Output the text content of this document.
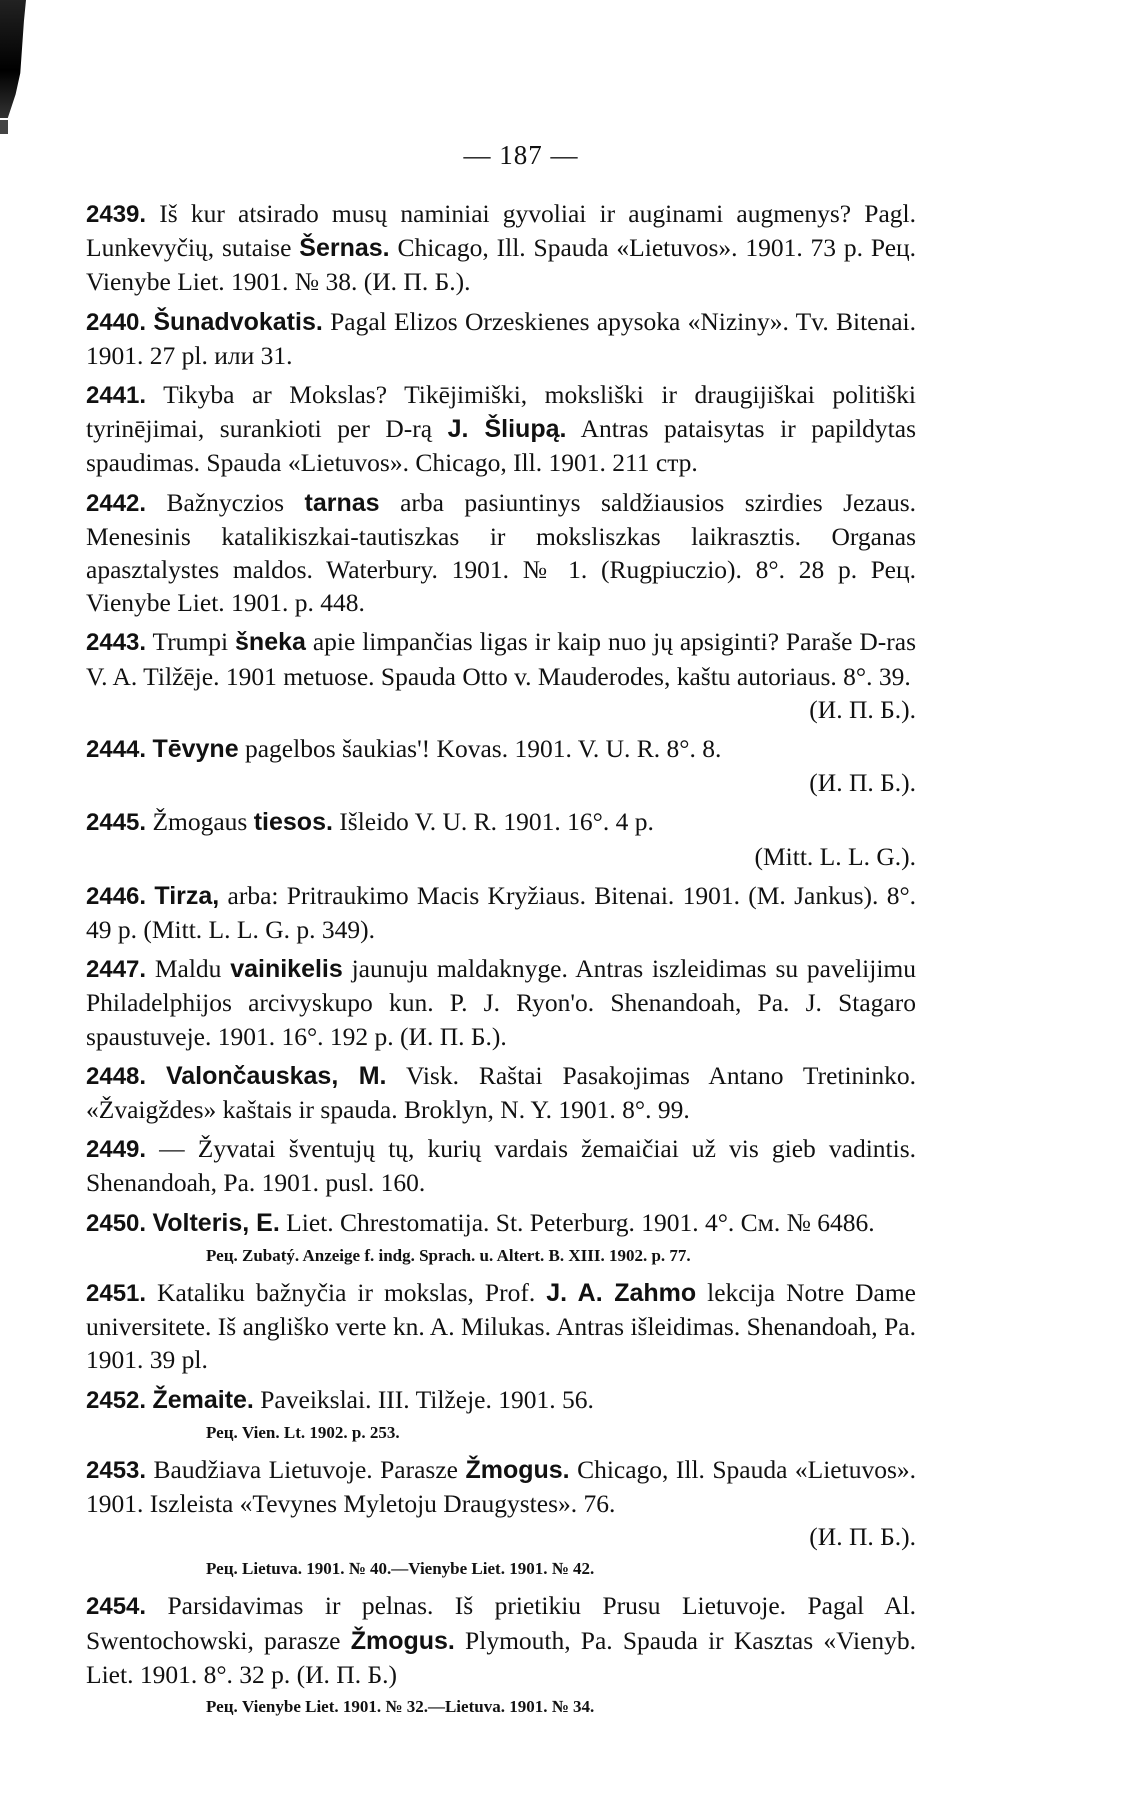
— 187 —
2439. Iš kur atsirado musų naminiai gyvoliai ir auginami augmenys? Pagl. Lunkevyčių, sutaise Šernas. Chicago, Ill. Spauda «Lietuvos». 1901. 73 p. Рец. Vienybe Liet. 1901. № 38. (И. П. Б.).
2440. Šunadvokatis. Pagal Elizos Orzeskienes apysoka «Niziny». Tv. Bitenai. 1901. 27 pl. или 31.
2441. Tikyba ar Mokslas? Tikējimiški, moksliški ir draugijiškai politiški tyrinējimai, surankioti per D-rą J. Šliupą. Antras pataisytas ir papildytas spaudimas. Spauda «Lietuvos». Chicago, Ill. 1901. 211 стр.
2442. Bažnyczios tarnas arba pasiuntinys saldžiausios szirdies Jezaus. Menesinis katalikiszkai-tautiszkas ir moksliszkas laikrasztis. Organas apasztalystes maldos. Waterbury. 1901. № 1. (Rugpiuczio). 8°. 28 p. Рец. Vienybe Liet. 1901. p. 448.
2443. Trumpi šneka apie limpančias ligas ir kaip nuo jų apsiginti? Paraše D-ras V. A. Tilžēje. 1901 metuose. Spauda Otto v. Mauderodes, kaštu autoriaus. 8°. 39.
(И. П. Б.).
2444. Tēvyne pagelbos šaukias'! Kovas. 1901. V. U. R. 8°. 8.
(И. П. Б.).
2445. Žmogaus tiesos. Išleido V. U. R. 1901. 16°. 4 p.
(Mitt. L. L. G.).
2446. Tirza, arba: Pritraukimo Macis Kryžiaus. Bitenai. 1901. (M. Jankus). 8°. 49 p. (Mitt. L. L. G. p. 349).
2447. Maldu vainikelis jaunuju maldaknyge. Antras iszleidimas su pavelijimu Philadelphijos arcivyskupo kun. P. J. Ryon'o. Shenandoah, Pa. J. Stagaro spaustuveje. 1901. 16°. 192 p. (И. П. Б.).
2448. Valončauskas, M. Visk. Raštai Pasakojimas Antano Tretininko. «Žvaigždes» kaštais ir spauda. Broklyn, N. Y. 1901. 8°. 99.
2449. — Žyvatai šventujų tų, kurių vardais žemaičiai už vis gieb vadintis. Shenandoah, Pa. 1901. pusl. 160.
2450. Volteris, E. Liet. Chrestomatija. St. Peterburg. 1901. 4°. См. № 6486.
Рец. Zubatý. Anzeige f. indg. Sprach. u. Altert. B. XIII. 1902. p. 77.
2451. Kataliku bažnyčia ir mokslas, Prof. J. A. Zahmo lekcija Notre Dame universitete. Iš angliško verte kn. A. Milukas. Antras išleidimas. Shenandoah, Pa. 1901. 39 pl.
2452. Žemaite. Paveikslai. III. Tilžeje. 1901. 56.
Рец. Vien. Lt. 1902. p. 253.
2453. Baudžiava Lietuvoje. Parasze Žmogus. Chicago, Ill. Spauda «Lietuvos». 1901. Iszleista «Tevynes Myletoju Draugystes». 76.
(И. П. Б.).
Рец. Lietuva. 1901. № 40.—Vienybe Liet. 1901. № 42.
2454. Parsidavimas ir pelnas. Iš prietikiu Prusu Lietuvoje. Pagal Al. Swentochowski, parasze Žmogus. Plymouth, Pa. Spauda ir Kasztas «Vienyb. Liet. 1901. 8°. 32 p. (И. П. Б.)
Рец. Vienybe Liet. 1901. № 32.—Lietuva. 1901. № 34.
